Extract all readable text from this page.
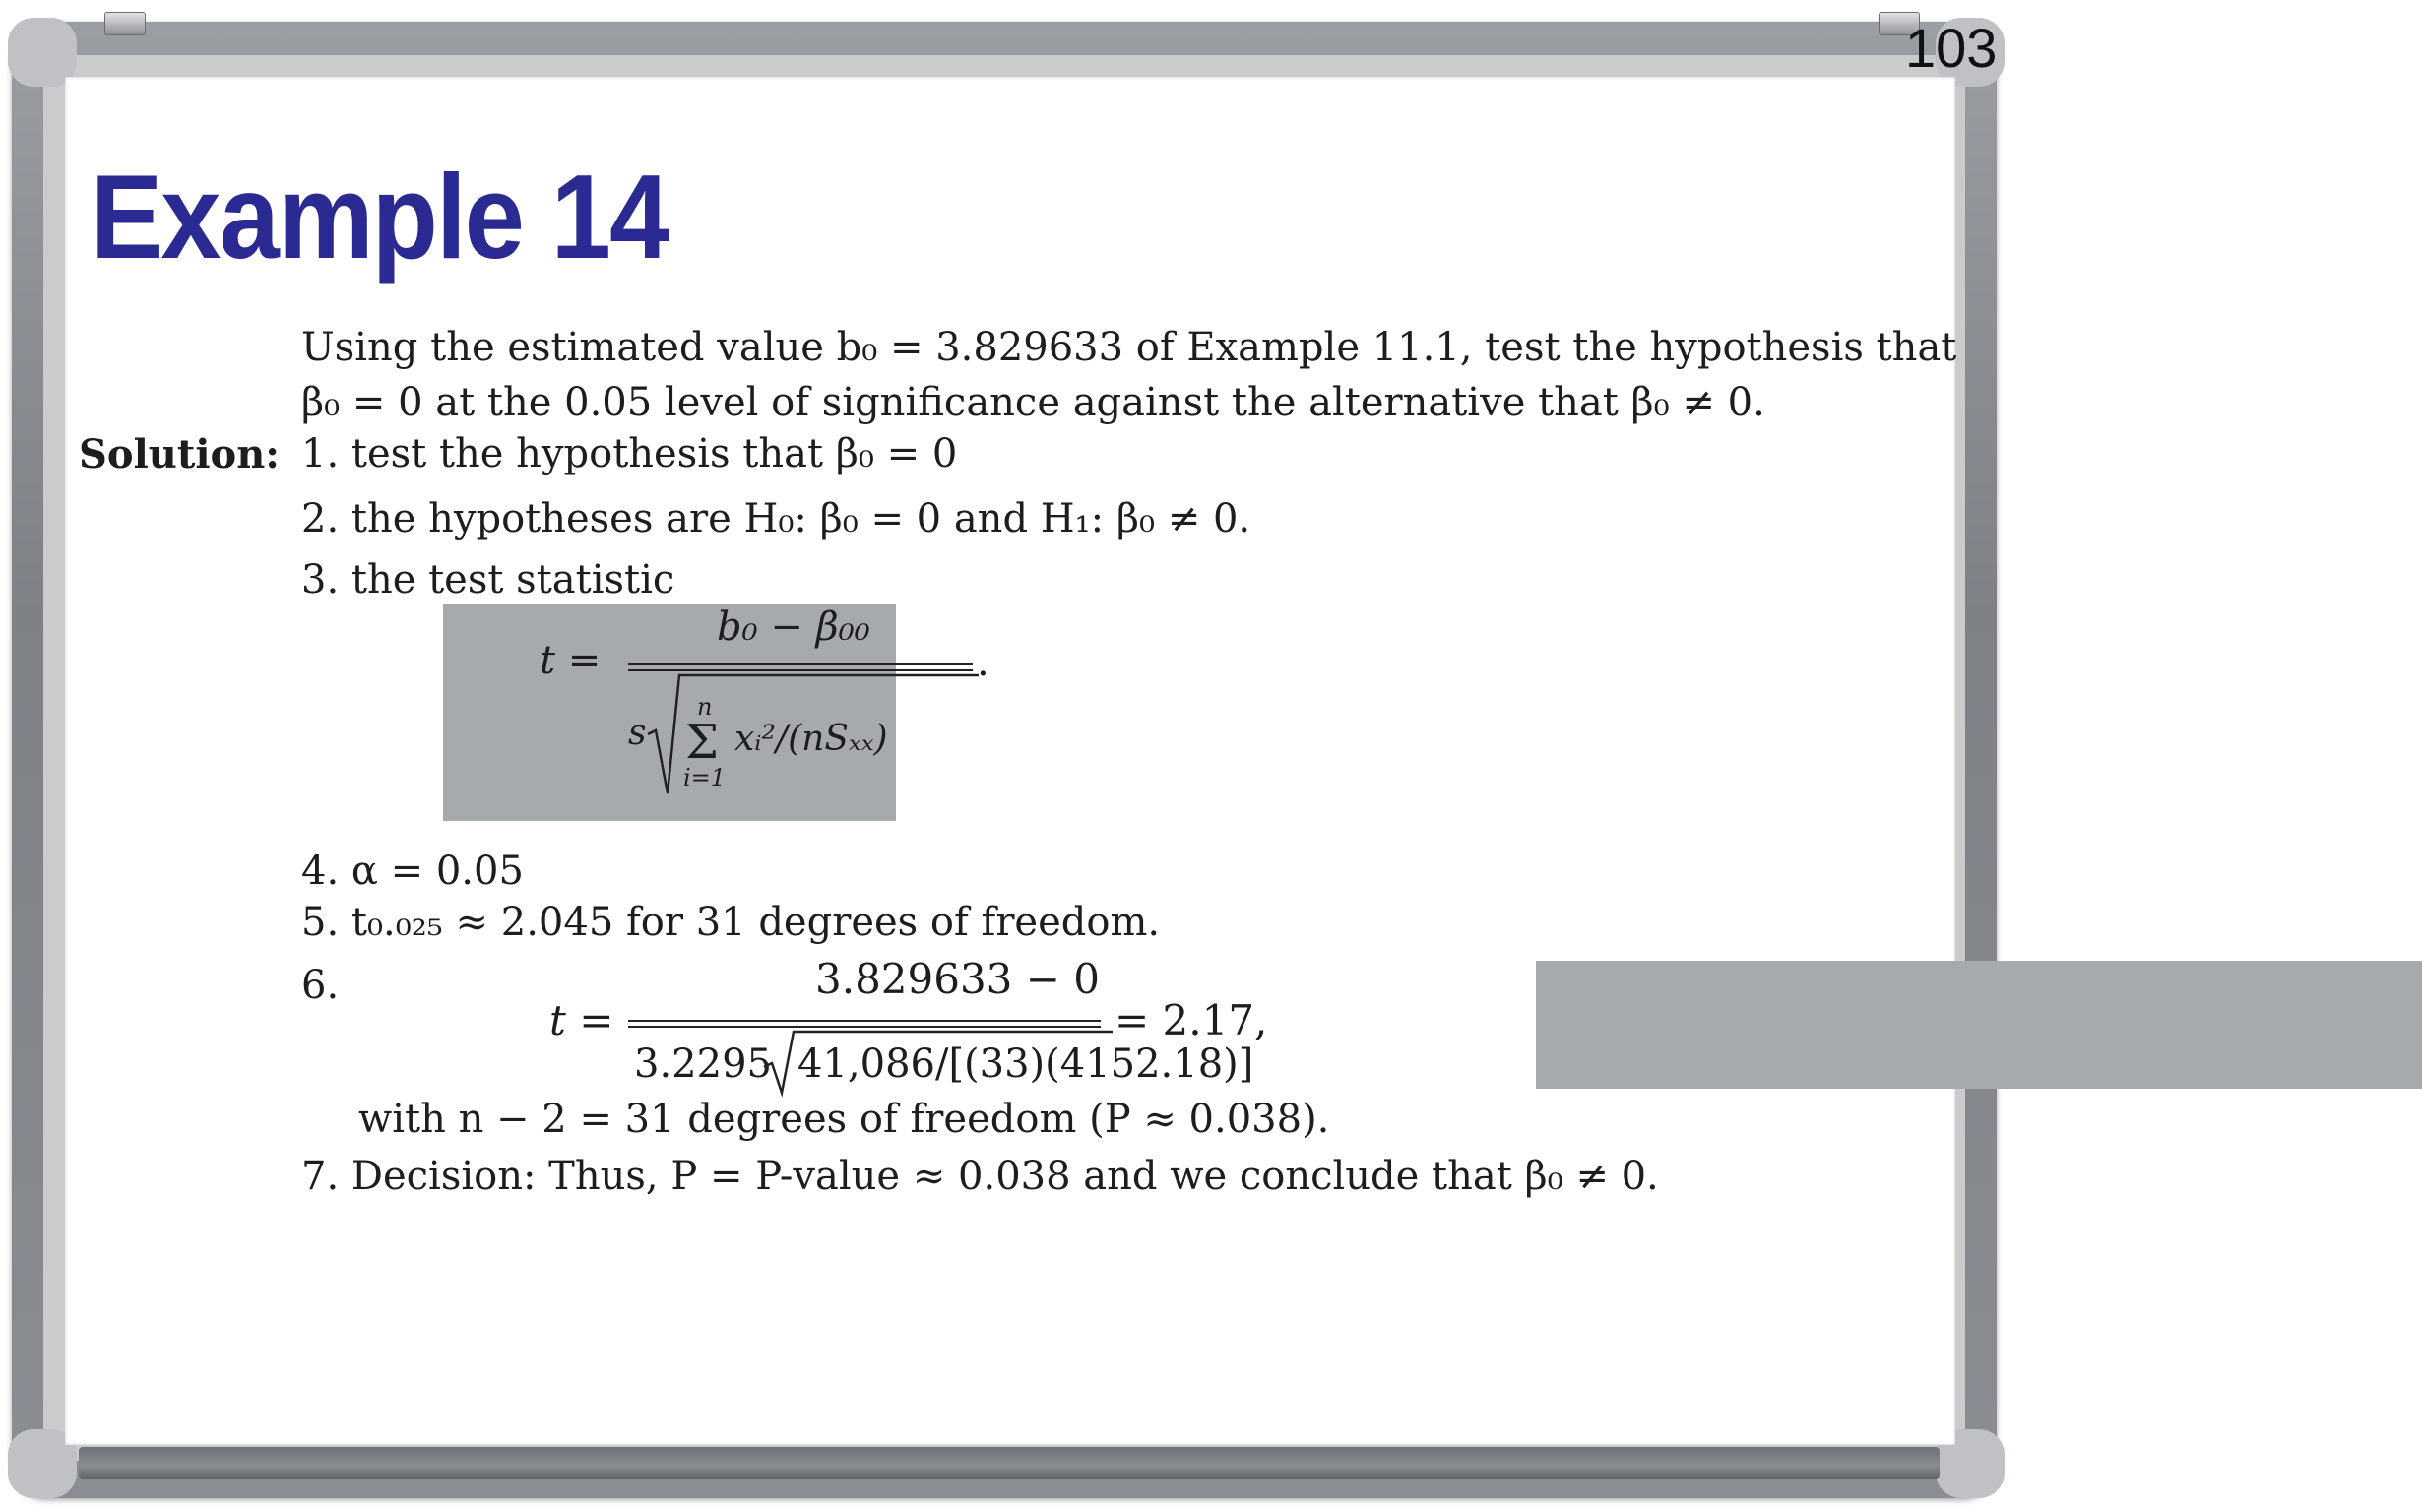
103
Example 14
Using the estimated value b₀ = 3.829633 of Example 11.1, test the hypothesis that
β₀ = 0 at the 0.05 level of significance against the alternative that β₀ ≠ 0.
Solution: 1. test the hypothesis that β₀ = 0
2. the hypotheses are H₀: β₀ = 0 and H₁: β₀ ≠ 0.
3. the test statistic
t =
b₀ − β₀₀
.
s
n
Σ
i=1
xᵢ²/(nSₓₓ)
4. α = 0.05
5. t₀.₀₂₅ ≈ 2.045 for 31 degrees of freedom.
6.
t =
3.829633 − 0
3.2295 41,086/[(33)(4152.18)]
= 2.17,
with n − 2 = 31 degrees of freedom (P ≈ 0.038).
7. Decision: Thus, P = P-value ≈ 0.038 and we conclude that β₀ ≠ 0.
